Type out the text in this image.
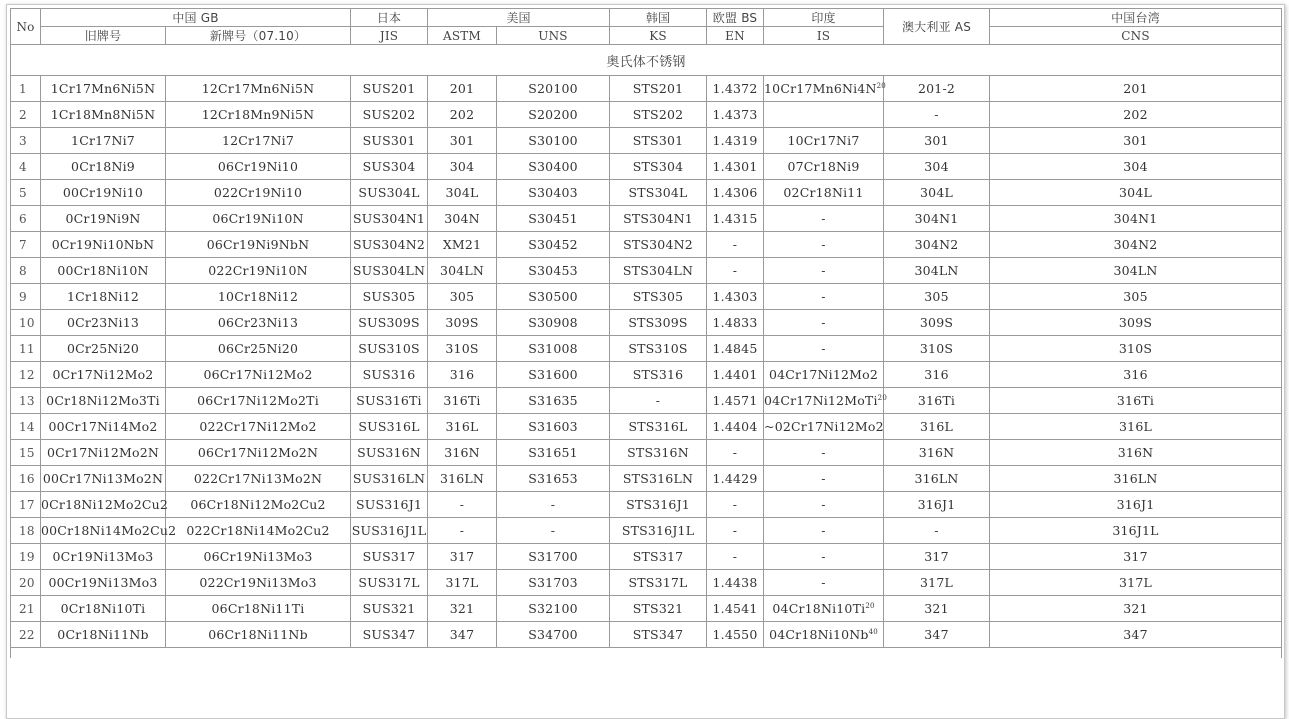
No	中国 GB		日本	美国		韩国	欧盟 BS	印度	澳大利亚 AS	中国台湾
	旧牌号	新牌号（07.10）	JIS	ASTM	UNS	KS	EN	IS		CNS
奥氏体不锈钢										
1	1Cr17Mn6Ni5N	12Cr17Mn6Ni5N	SUS201	201	S20100	STS201	1.4372	$10Cr17Mn6Ni4N^{20}$	201-2	201
2	1Cr18Mn8Ni5N	12Cr18Mn9Ni5N	SUS202	202	S20200	STS202	1.4373		-	202
3	1Cr17Ni7	12Cr17Ni7	SUS301	301	S30100	STS301	1.4319	10Cr17Ni7	301	301
4	0Cr18Ni9	06Cr19Ni10	SUS304	304	S30400	STS304	1.4301	07Cr18Ni9	304	304
5	00Cr19Ni10	022Cr19Ni10	SUS304L	304L	S30403	STS304L	1.4306	02Cr18Ni11	304L	304L
6	0Cr19Ni9N	06Cr19Ni10N	SUS304N1	304N	S30451	STS304N1	1.4315	-	304N1	304N1
7	0Cr19Ni10NbN	06Cr19Ni9NbN	SUS304N2	XM21	S30452	STS304N2	-	-	304N2	304N2
8	00Cr18Ni10N	022Cr19Ni10N	SUS304LN	304LN	S30453	STS304LN	-	-	304LN	304LN
9	1Cr18Ni12	10Cr18Ni12	SUS305	305	S30500	STS305	1.4303	-	305	305
10	0Cr23Ni13	06Cr23Ni13	SUS309S	309S	S30908	STS309S	1.4833	-	309S	309S
11	0Cr25Ni20	06Cr25Ni20	SUS310S	310S	S31008	STS310S	1.4845	-	310S	310S
12	0Cr17Ni12Mo2	06Cr17Ni12Mo2	SUS316	316	S31600	STS316	1.4401	04Cr17Ni12Mo2	316	316
13	0Cr18Ni12Mo3Ti	06Cr17Ni12Mo2Ti	SUS316Ti	316Ti	S31635	-	1.4571	04Cr17Ni12MoTi$^{20}$	316Ti	316Ti
14	00Cr17Ni14Mo2	022Cr17Ni12Mo2	SUS316L	316L	S31603	STS316L	1.4404	~02Cr17Ni12Mo2	316L	316L
15	0Cr17Ni12Mo2N	06Cr17Ni12Mo2N	SUS316N	316N	S31651	STS316N	-	-	316N	316N
16	00Cr17Ni13Mo2N	022Cr17Ni13Mo2N	SUS316LN	316LN	S31653	STS316LN	1.4429	-	316LN	316LN
17	0Cr18Ni12Mo2Cu2	06Cr18Ni12Mo2Cu2	SUS316J1	-	-	STS316J1	-	-	316J1	316J1
18	00Cr18Ni14Mo2Cu2	022Cr18Ni14Mo2Cu2	SUS316J1L	-	-	STS316J1L	-	-	-	316J1L
19	0Cr19Ni13Mo3	06Cr19Ni13Mo3	SUS317	317	S31700	STS317	-	-	317	317
20	00Cr19Ni13Mo3	022Cr19Ni13Mo3	SUS317L	317L	S31703	STS317L	1.4438	-	317L	317L
21	0Cr18Ni10Ti	06Cr18Ni11Ti	SUS321	321	S32100	STS321	1.4541	04Cr18Ni10Ti$^{20}$	321	321
22	0Cr18Ni11Nb	06Cr18Ni11Nb	SUS347	347	S34700	STS347	1.4550	04Cr18Ni10Nb$^{40}$	347	347
